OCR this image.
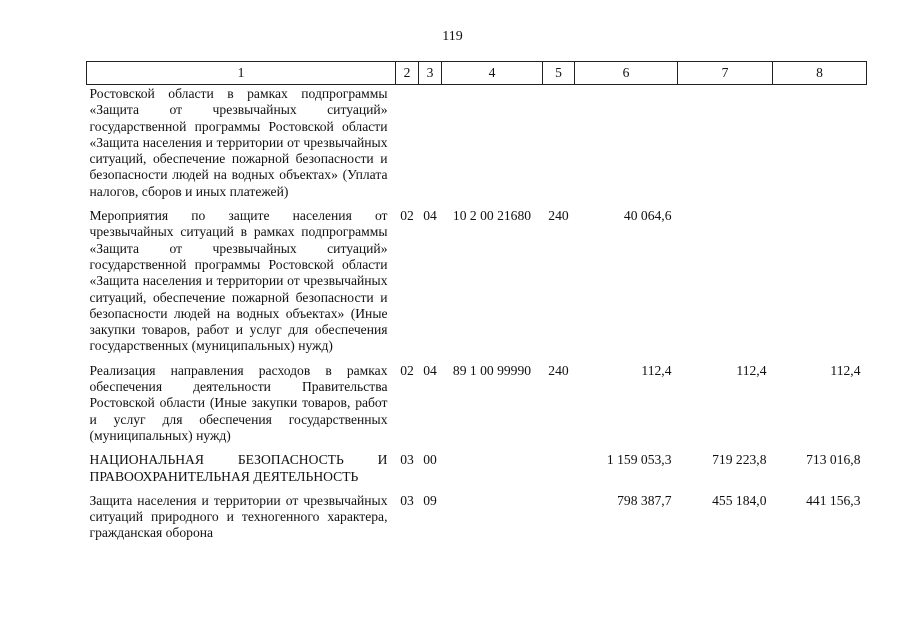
119
1	2	3	4	5	6	7	8
Ростовской области в рамках подпрограммы «Защита от чрезвычайных ситуаций» государственной программы Ростовской области «Защита населения и территории от чрезвычайных ситуаций, обеспечение пожарной безопасности и безопасности людей на водных объектах» (Уплата налогов, сборов и иных платежей)							
Мероприятия по защите населения от чрезвычайных ситуаций в рамках подпрограммы «Защита от чрезвычайных ситуаций» государственной программы Ростовской области «Защита населения и территории от чрезвычайных ситуаций, обеспечение пожарной безопасности и безопасности людей на водных объектах» (Иные закупки товаров, работ и услуг для обеспечения государственных (муниципальных) нужд)	02	04	10 2 00 21680	240	40 064,6		
Реализация направления расходов в рамках обеспечения деятельности Правительства Ростовской области (Иные закупки товаров, работ и услуг для обеспечения государственных (муниципальных) нужд)	02	04	89 1 00 99990	240	112,4	112,4	112,4
НАЦИОНАЛЬНАЯ БЕЗОПАСНОСТЬ И ПРАВООХРАНИТЕЛЬНАЯ ДЕЯТЕЛЬНОСТЬ	03	00			1 159 053,3	719 223,8	713 016,8
Защита населения и территории от чрезвычайных ситуаций природного и техногенного характера, гражданская оборона	03	09			798 387,7	455 184,0	441 156,3
